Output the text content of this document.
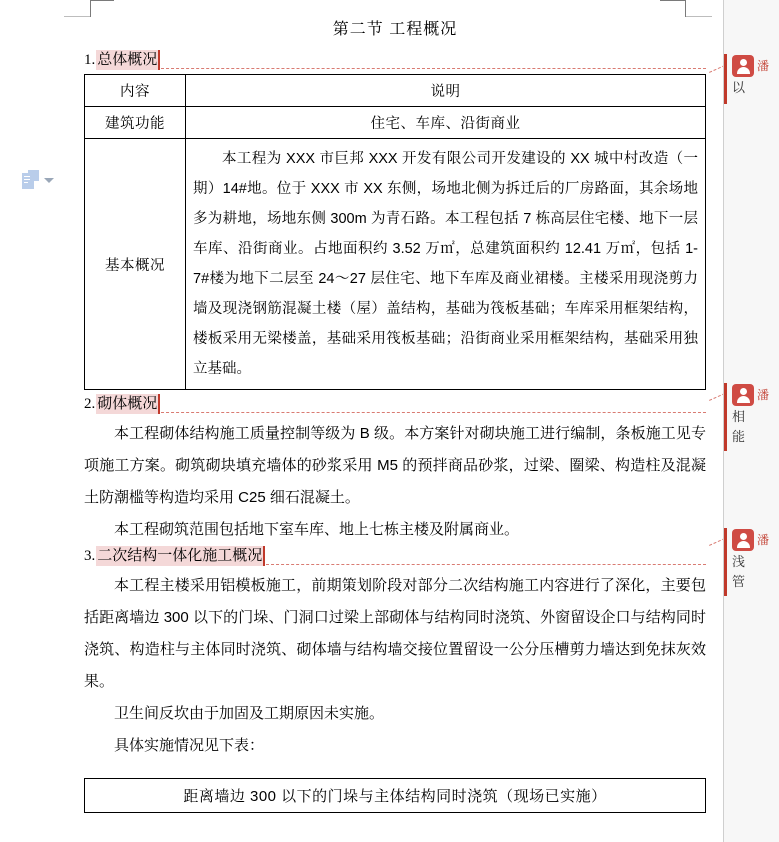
第二节 工程概况
1. 总体概况
内容	说明
建筑功能	住宅、车库、沿街商业
基本概况	本工程为 XXX 市巨邦 XXX 开发有限公司开发建设的 XX 城中村改造（一期）14#地。位于 XXX 市 XX 东侧，场地北侧为拆迁后的厂房路面，其余场地多为耕地，场地东侧 300m 为青石路。本工程包括 7 栋高层住宅楼、地下一层车库、沿街商业。占地面积约 3.52 万㎡，总建筑面积约 12.41 万㎡，包括 1-7#楼为地下二层至 24～27 层住宅、地下车库及商业裙楼。主楼采用现浇剪力墙及现浇钢筋混凝土楼（屋）盖结构，基础为筏板基础；车库采用框架结构，楼板采用无梁楼盖，基础采用筏板基础；沿街商业采用框架结构，基础采用独立基础。
2. 砌体概况

本工程砌体结构施工质量控制等级为 B 级。本方案针对砌块施工进行编制，条板施工见专项施工方案。砌筑砌块填充墙体的砂浆采用 M5 的预拌商品砂浆，过梁、圈梁、构造柱及混凝土防潮槛等构造均采用 C25 细石混凝土。

本工程砌筑范围包括地下室车库、地上七栋主楼及附属商业。

3. 二次结构一体化施工概况

本工程主楼采用铝模板施工，前期策划阶段对部分二次结构施工内容进行了深化，主要包括距离墙边 300 以下的门垛、门洞口过梁上部砌体与结构同时浇筑、外窗留设企口与结构同时浇筑、构造柱与主体同时浇筑、砌体墙与结构墙交接位置留设一公分压槽剪力墙达到免抹灰效果。

卫生间反坎由于加固及工期原因未实施。

具体实施情况见下表：

距离墙边 300 以下的门垛与主体结构同时浇筑（现场已实施）
潘
以
潘
相
能
潘
浅
管
